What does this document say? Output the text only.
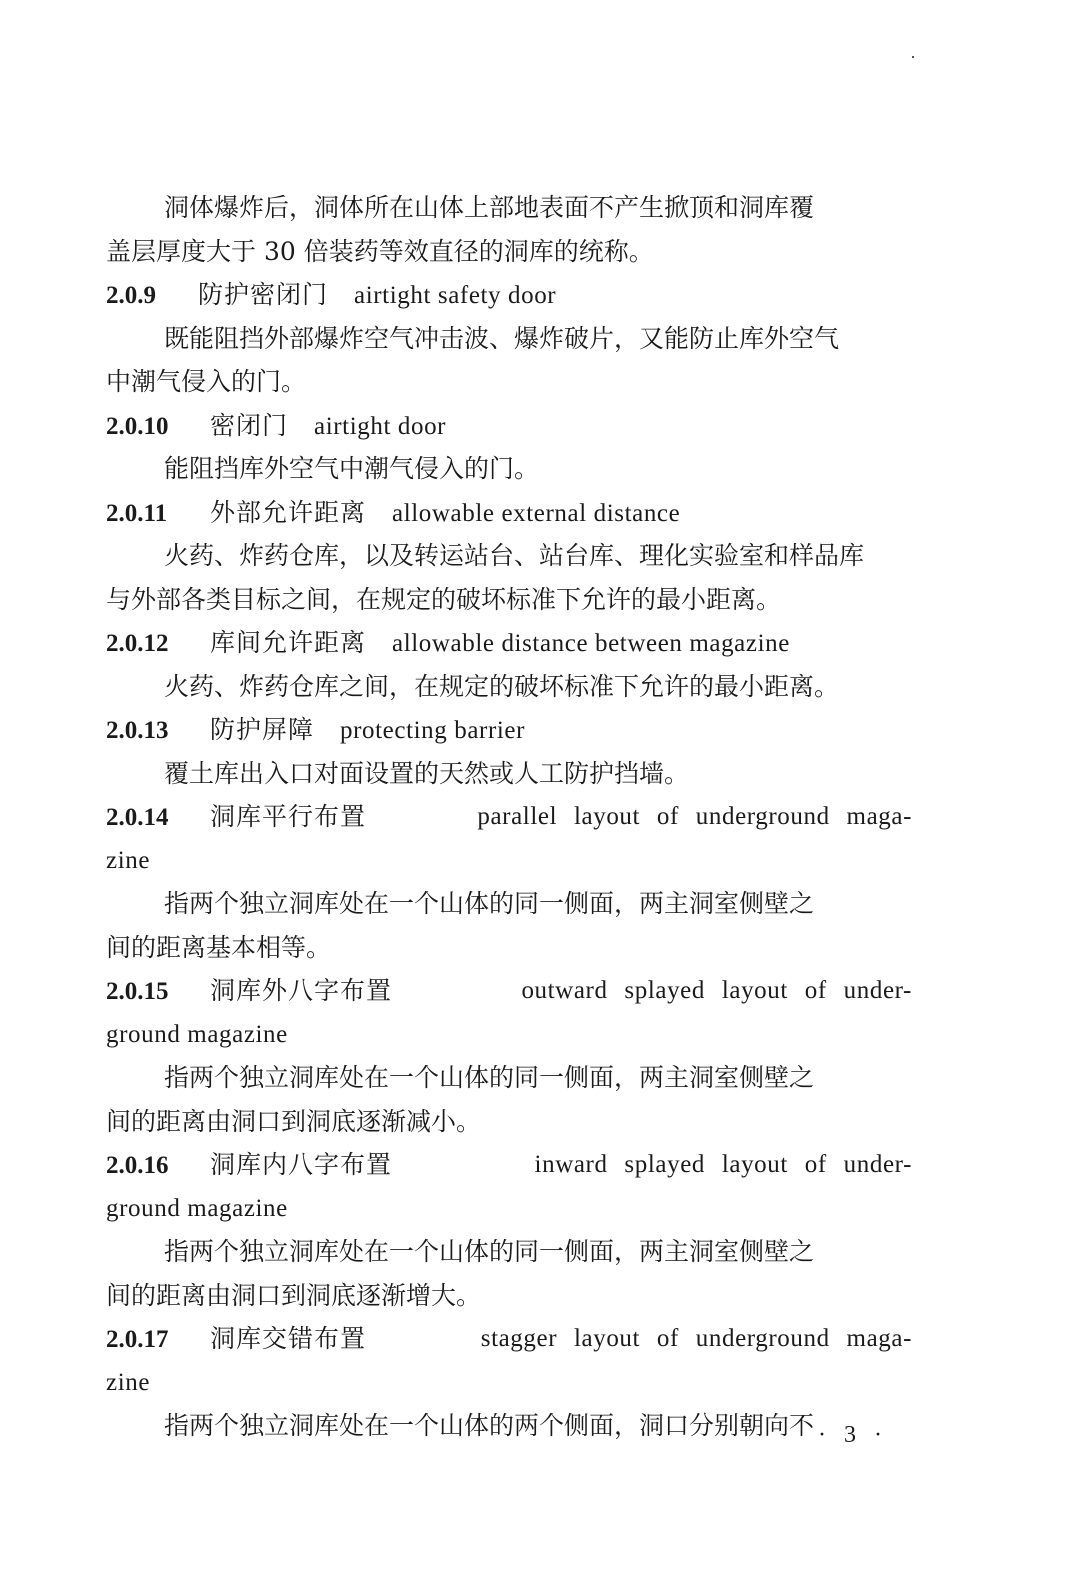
洞体爆炸后，洞体所在山体上部地表面不产生掀顶和洞库覆
盖层厚度大于 30 倍装药等效直径的洞库的统称。
2.0.9 防护密闭门 airtight safety door
既能阻挡外部爆炸空气冲击波、爆炸破片，又能防止库外空气
中潮气侵入的门。
2.0.10 密闭门 airtight door
能阻挡库外空气中潮气侵入的门。
2.0.11 外部允许距离 allowable external distance
火药、炸药仓库，以及转运站台、站台库、理化实验室和样品库
与外部各类目标之间，在规定的破坏标准下允许的最小距离。
2.0.12 库间允许距离 allowable distance between magazine
火药、炸药仓库之间，在规定的破坏标准下允许的最小距离。
2.0.13 防护屏障 protecting barrier
覆土库出入口对面设置的天然或人工防护挡墙。
2.0.14 洞库平行布置	parallel layout of underground maga-
zine
指两个独立洞库处在一个山体的同一侧面，两主洞室侧壁之
间的距离基本相等。
2.0.15 洞库外八字布置	outward splayed layout of under-
ground magazine
指两个独立洞库处在一个山体的同一侧面，两主洞室侧壁之
间的距离由洞口到洞底逐渐减小。
2.0.16 洞库内八字布置	inward splayed layout of under-
ground magazine
指两个独立洞库处在一个山体的同一侧面，两主洞室侧壁之
间的距离由洞口到洞底逐渐增大。
2.0.17 洞库交错布置	stagger layout of underground maga-
zine
指两个独立洞库处在一个山体的两个侧面，洞口分别朝向不 · 3 ·
